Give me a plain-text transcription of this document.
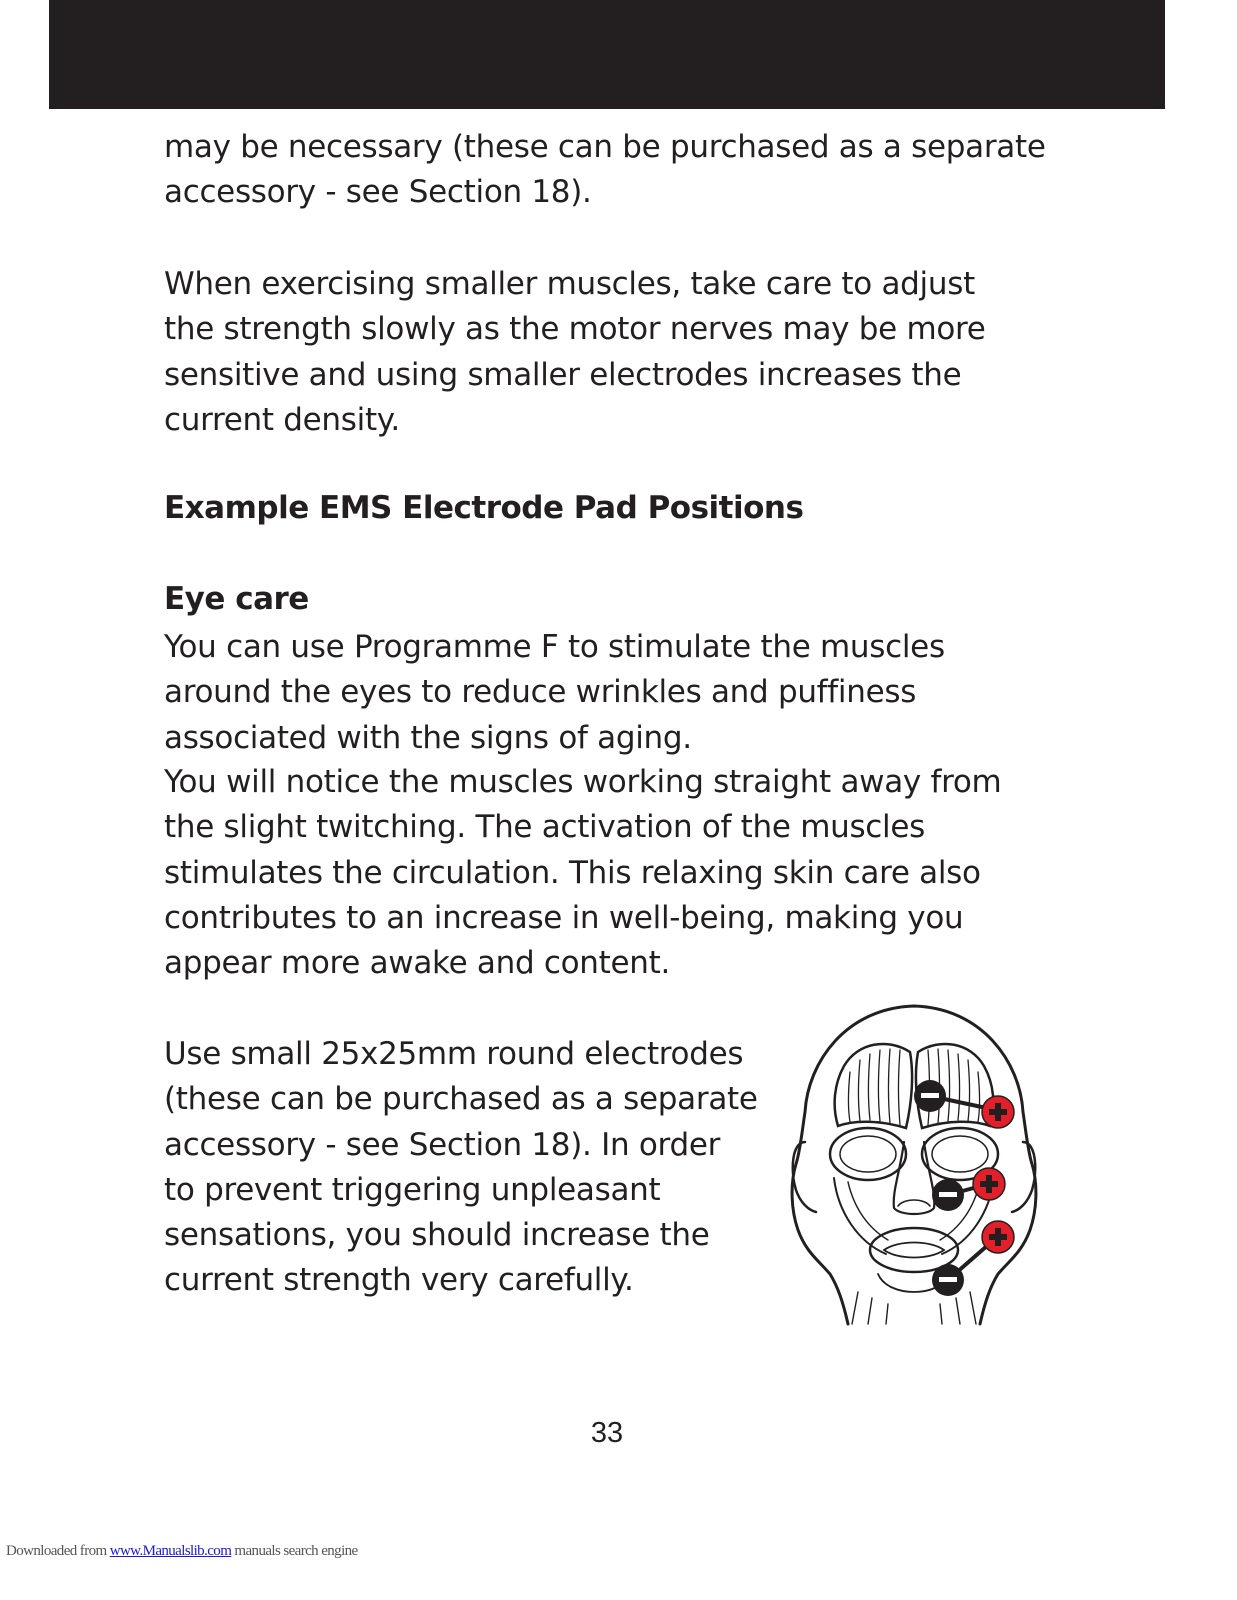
may be necessary (these can be purchased as a separate
accessory - see Section 18).
When exercising smaller muscles, take care to adjust
the strength slowly as the motor nerves may be more
sensitive and using smaller electrodes increases the
current density.
Example EMS Electrode Pad Positions
Eye care
You can use Programme F to stimulate the muscles
around the eyes to reduce wrinkles and puffiness
associated with the signs of aging.
You will notice the muscles working straight away from
the slight twitching. The activation of the muscles
stimulates the circulation. This relaxing skin care also
contributes to an increase in well-being, making you
appear more awake and content.
Use small 25x25mm round electrodes
(these can be purchased as a separate
accessory - see Section 18). In order
to prevent triggering unpleasant
sensations, you should increase the
current strength very carefully.
33
Downloaded from www.Manualslib.com manuals search engine
